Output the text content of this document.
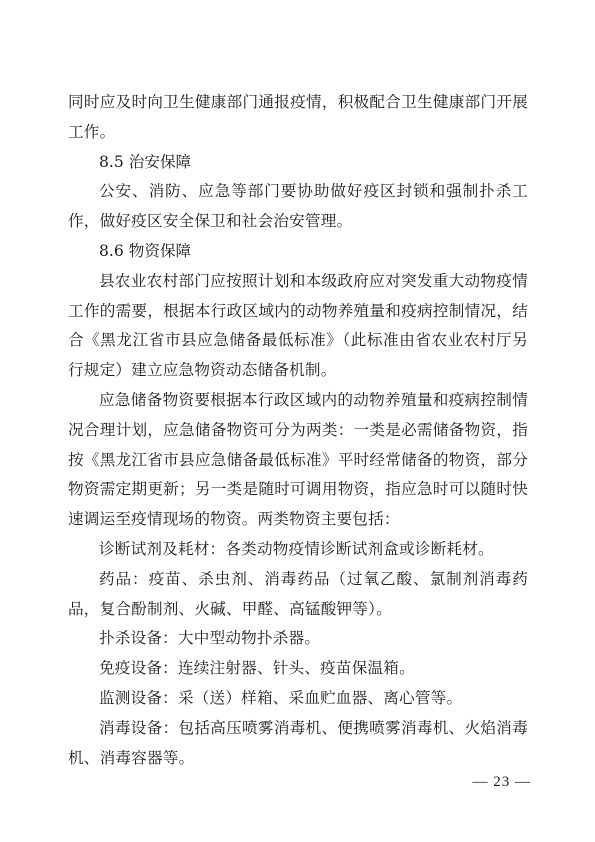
同时应及时向卫生健康部门通报疫情，积极配合卫生健康部门开展工作。

8.5 治安保障

公安、消防、应急等部门要协助做好疫区封锁和强制扑杀工作，做好疫区安全保卫和社会治安管理。

8.6 物资保障

县农业农村部门应按照计划和本级政府应对突发重大动物疫情工作的需要，根据本行政区域内的动物养殖量和疫病控制情况，结合《黑龙江省市县应急储备最低标准》（此标准由省农业农村厅另行规定）建立应急物资动态储备机制。

应急储备物资要根据本行政区域内的动物养殖量和疫病控制情况合理计划，应急储备物资可分为两类：一类是必需储备物资，指按《黑龙江省市县应急储备最低标准》平时经常储备的物资，部分物资需定期更新；另一类是随时可调用物资，指应急时可以随时快速调运至疫情现场的物资。两类物资主要包括：

诊断试剂及耗材：各类动物疫情诊断试剂盒或诊断耗材。

药品：疫苗、杀虫剂、消毒药品（过氧乙酸、氯制剂消毒药品，复合酚制剂、火碱、甲醛、高锰酸钾等）。

扑杀设备：大中型动物扑杀器。

免疫设备：连续注射器、针头、疫苗保温箱。

监测设备：采（送）样箱、采血贮血器、离心管等。

消毒设备：包括高压喷雾消毒机、便携喷雾消毒机、火焰消毒机、消毒容器等。

— 23 —
